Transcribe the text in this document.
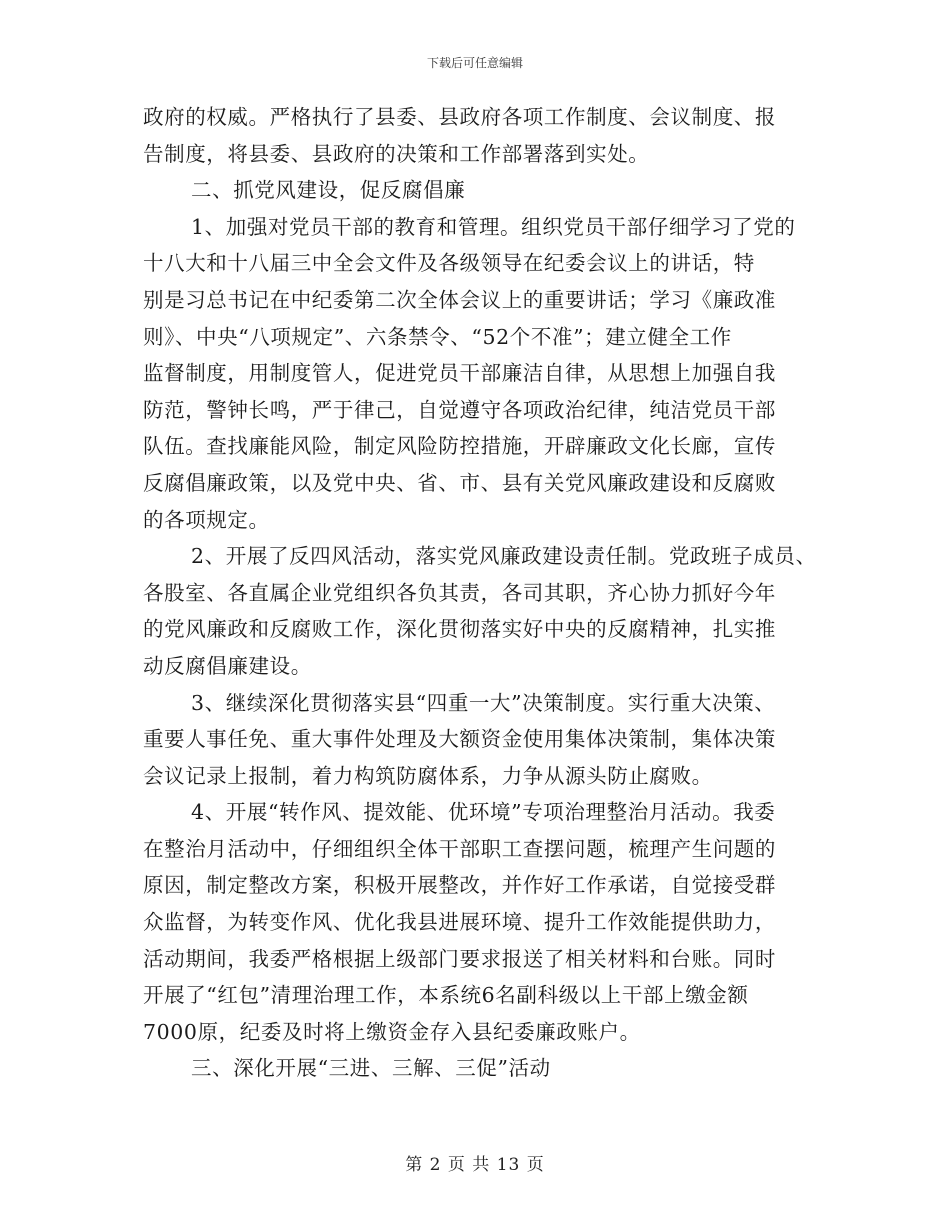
下载后可任意编辑
政府的权威。严格执行了县委、县政府各项工作制度、会议制度、报
告制度，将县委、县政府的决策和工作部署落到实处。
二、抓党风建设，促反腐倡廉
1、加强对党员干部的教育和管理。组织党员干部仔细学习了党的
十八大和十八届三中全会文件及各级领导在纪委会议上的讲话，特
别是习总书记在中纪委第二次全体会议上的重要讲话；学习《廉政准
则》、中央“八项规定”、六条禁令、“52个不准”；建立健全工作
监督制度，用制度管人，促进党员干部廉洁自律，从思想上加强自我
防范，警钟长鸣，严于律己，自觉遵守各项政治纪律，纯洁党员干部
队伍。查找廉能风险，制定风险防控措施，开辟廉政文化长廊，宣传
反腐倡廉政策，以及党中央、省、市、县有关党风廉政建设和反腐败
的各项规定。
2、开展了反四风活动，落实党风廉政建设责任制。党政班子成员、
各股室、各直属企业党组织各负其责，各司其职，齐心协力抓好今年
的党风廉政和反腐败工作，深化贯彻落实好中央的反腐精神，扎实推
动反腐倡廉建设。
3、继续深化贯彻落实县“四重一大”决策制度。实行重大决策、
重要人事任免、重大事件处理及大额资金使用集体决策制，集体决策
会议记录上报制，着力构筑防腐体系，力争从源头防止腐败。
4、开展“转作风、提效能、优环境”专项治理整治月活动。我委
在整治月活动中，仔细组织全体干部职工查摆问题，梳理产生问题的
原因，制定整改方案，积极开展整改，并作好工作承诺，自觉接受群
众监督，为转变作风、优化我县进展环境、提升工作效能提供助力，
活动期间，我委严格根据上级部门要求报送了相关材料和台账。同时
开展了“红包”清理治理工作，本系统6名副科级以上干部上缴金额
7000原，纪委及时将上缴资金存入县纪委廉政账户。
三、深化开展“三进、三解、三促”活动
第 2 页 共 13 页
